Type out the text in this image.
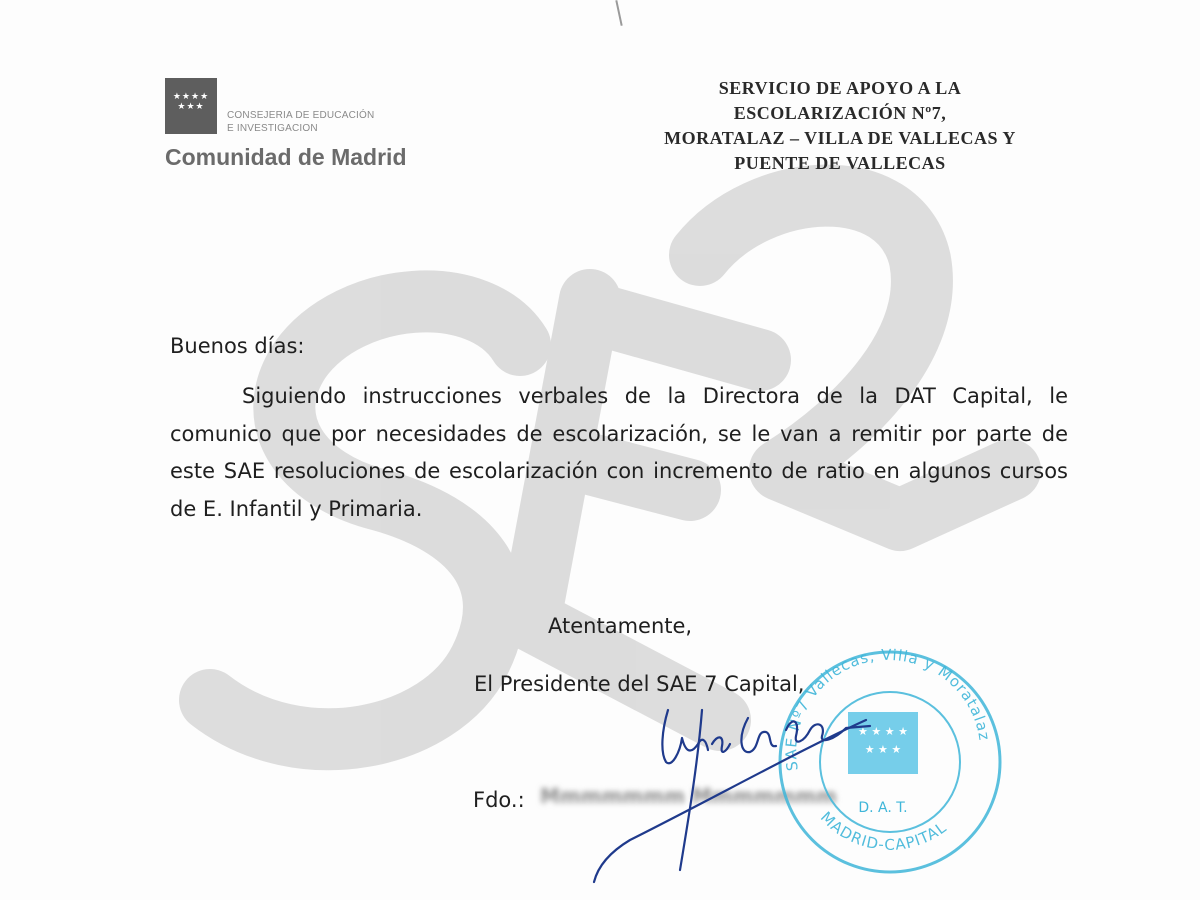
★★★★
★★★
CONSEJERIA DE EDUCACIÓN
E INVESTIGACION
Comunidad de Madrid
SERVICIO DE APOYO A LA
ESCOLARIZACIÓN Nº7,
MORATALAZ – VILLA DE VALLECAS Y
PUENTE DE VALLECAS
Buenos días:
Siguiendo instrucciones verbales de la Directora de la DAT Capital, le comunico que por necesidades de escolarización, se le van a remitir por parte de este SAE resoluciones de escolarización con incremento de ratio en algunos cursos de E. Infantil y Primaria.
Atentamente,
El Presidente del SAE 7 Capital,
Fdo.: Mmmmmmm Mmmmmmm
SAE Nº7 Vallecas, Villa y Moratalaz
MADRID-CAPITAL
★ ★ ★ ★
★ ★ ★
D. A. T.
